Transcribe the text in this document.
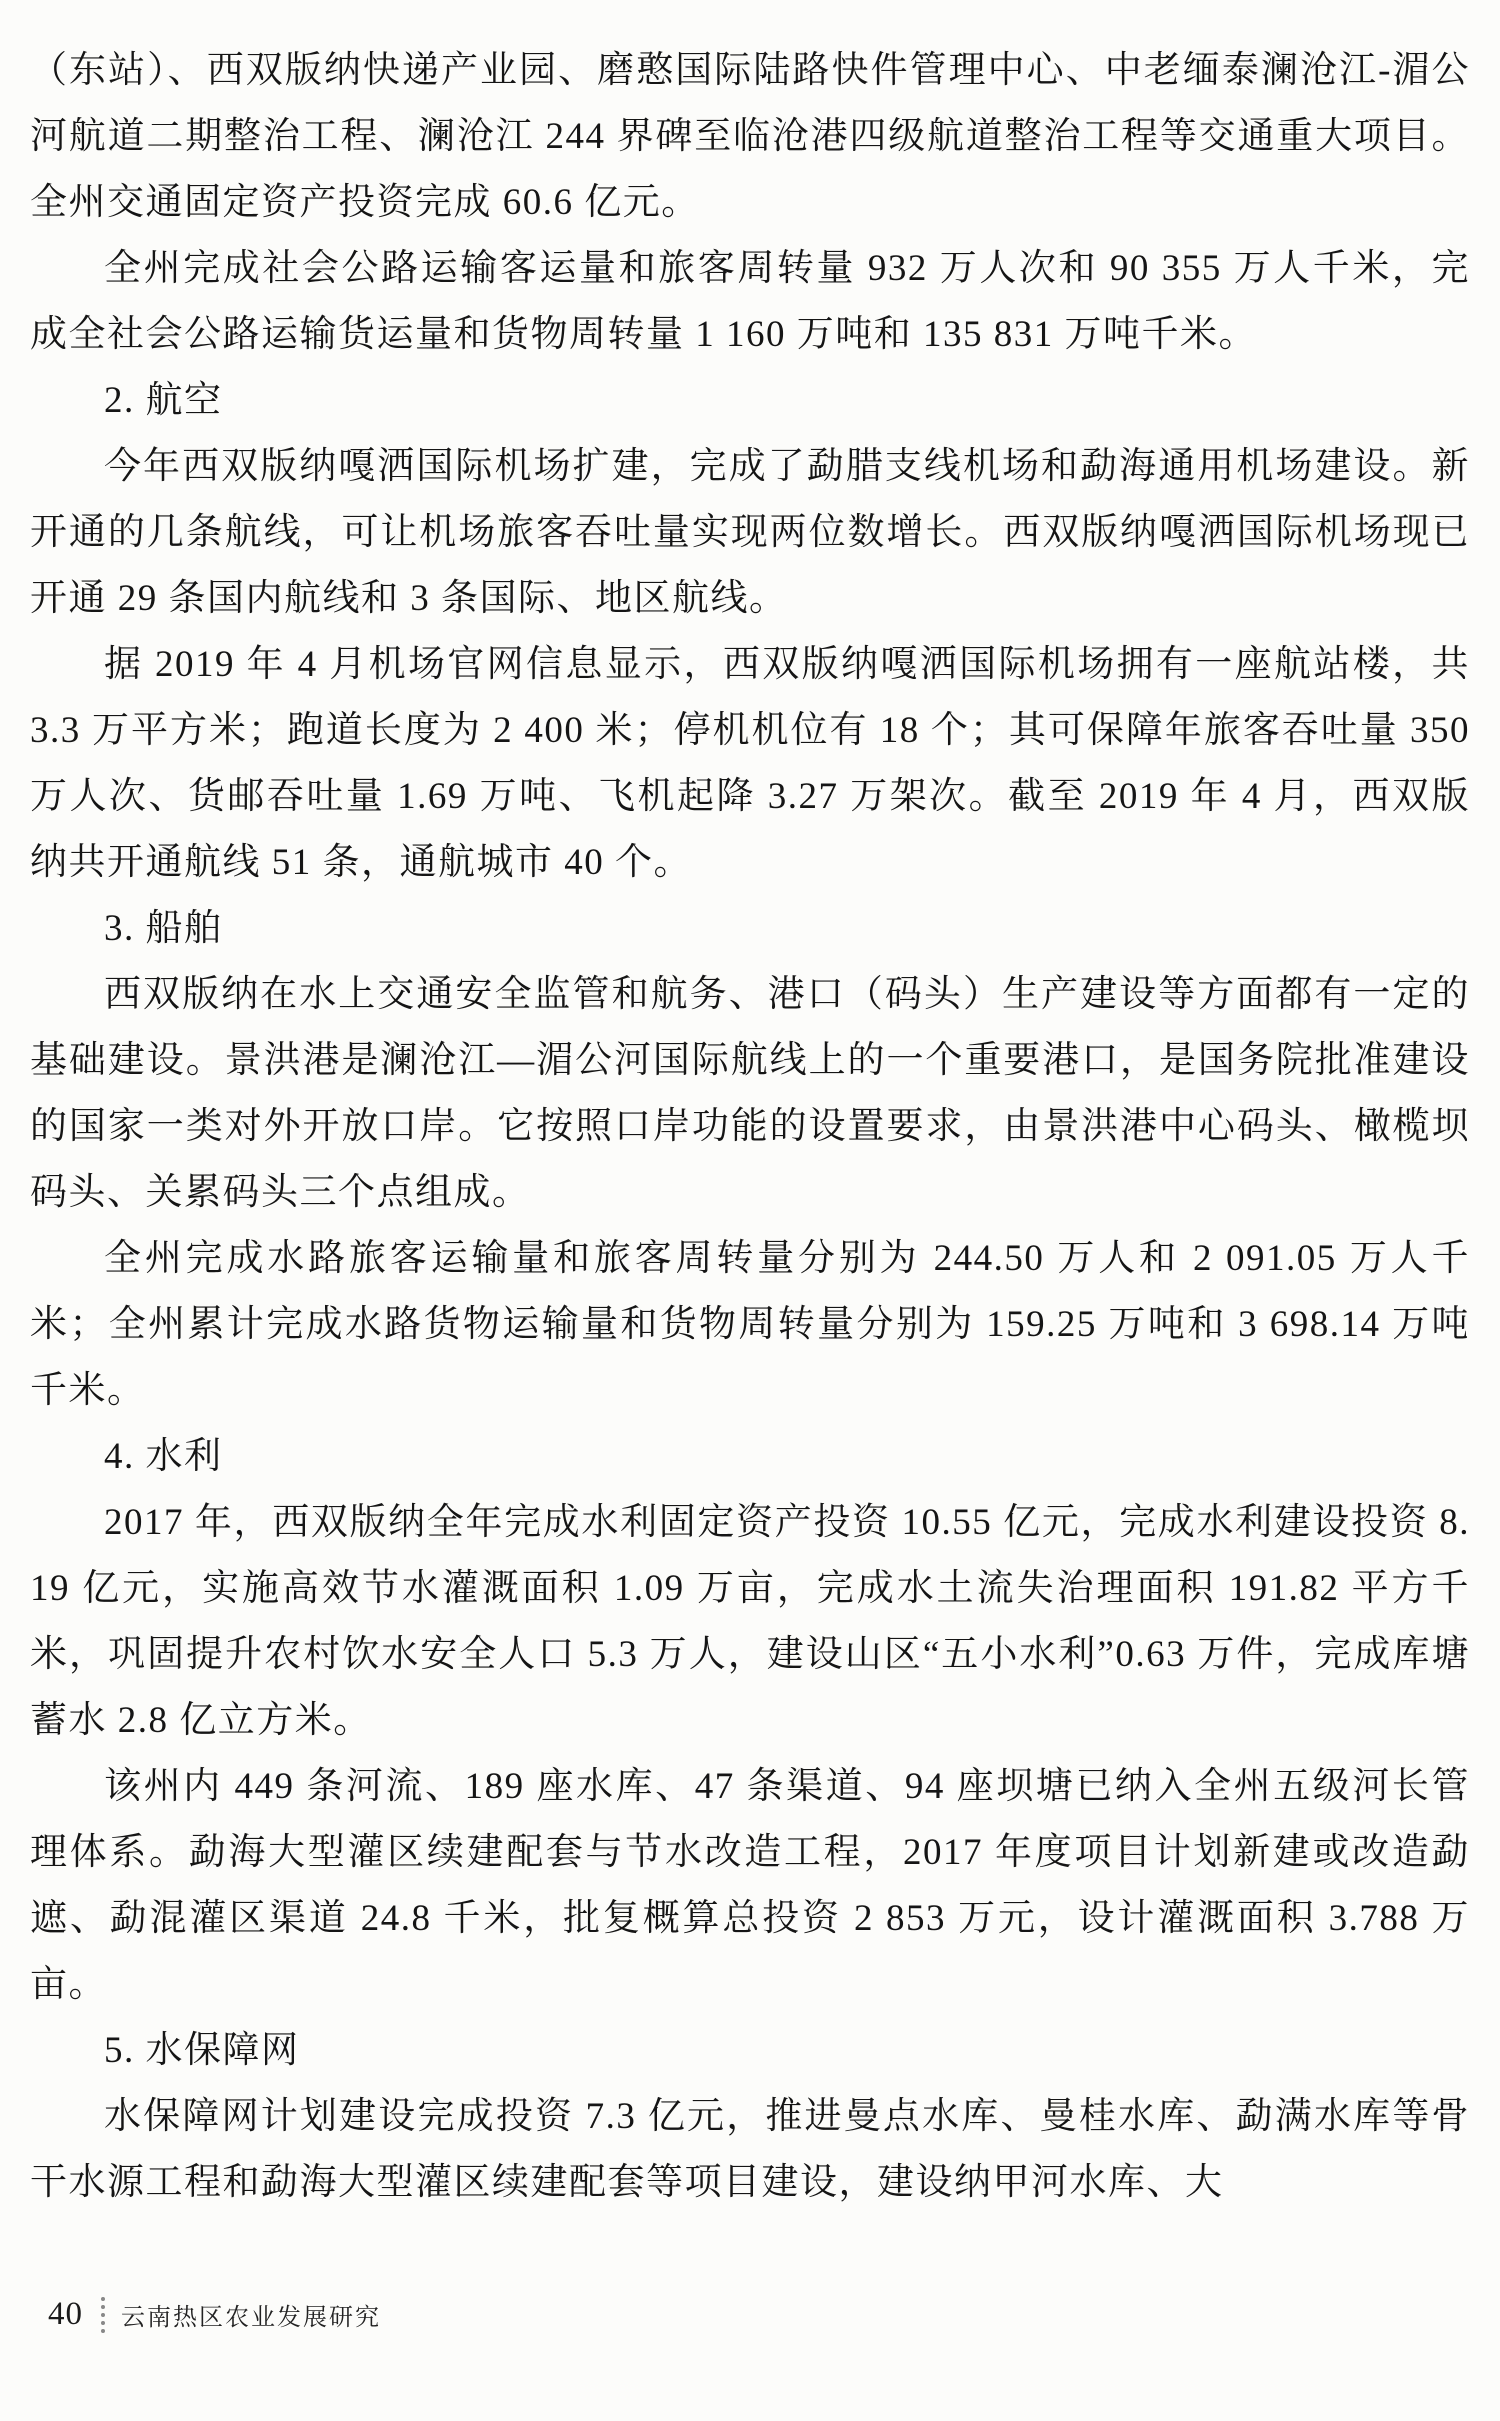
（东站）、西双版纳快递产业园、磨憨国际陆路快件管理中心、中老缅泰澜沧江-湄公河航道二期整治工程、澜沧江 244 界碑至临沧港四级航道整治工程等交通重大项目。全州交通固定资产投资完成 60.6 亿元。

全州完成社会公路运输客运量和旅客周转量 932 万人次和 90 355 万人千米，完成全社会公路运输货运量和货物周转量 1 160 万吨和 135 831 万吨千米。

2. 航空

今年西双版纳嘎洒国际机场扩建，完成了勐腊支线机场和勐海通用机场建设。新开通的几条航线，可让机场旅客吞吐量实现两位数增长。西双版纳嘎洒国际机场现已开通 29 条国内航线和 3 条国际、地区航线。

据 2019 年 4 月机场官网信息显示，西双版纳嘎洒国际机场拥有一座航站楼，共 3.3 万平方米；跑道长度为 2 400 米；停机机位有 18 个；其可保障年旅客吞吐量 350 万人次、货邮吞吐量 1.69 万吨、飞机起降 3.27 万架次。截至 2019 年 4 月，西双版纳共开通航线 51 条，通航城市 40 个。

3. 船舶

西双版纳在水上交通安全监管和航务、港口（码头）生产建设等方面都有一定的基础建设。景洪港是澜沧江—湄公河国际航线上的一个重要港口，是国务院批准建设的国家一类对外开放口岸。它按照口岸功能的设置要求，由景洪港中心码头、橄榄坝码头、关累码头三个点组成。

全州完成水路旅客运输量和旅客周转量分别为 244.50 万人和 2 091.05 万人千米；全州累计完成水路货物运输量和货物周转量分别为 159.25 万吨和 3 698.14 万吨千米。

4. 水利

2017 年，西双版纳全年完成水利固定资产投资 10.55 亿元，完成水利建设投资 8.19 亿元，实施高效节水灌溉面积 1.09 万亩，完成水土流失治理面积 191.82 平方千米，巩固提升农村饮水安全人口 5.3 万人，建设山区“五小水利”0.63 万件，完成库塘蓄水 2.8 亿立方米。

该州内 449 条河流、189 座水库、47 条渠道、94 座坝塘已纳入全州五级河长管理体系。勐海大型灌区续建配套与节水改造工程，2017 年度项目计划新建或改造勐遮、勐混灌区渠道 24.8 千米，批复概算总投资 2 853 万元，设计灌溉面积 3.788 万亩。

5. 水保障网

水保障网计划建设完成投资 7.3 亿元，推进曼点水库、曼桂水库、勐满水库等骨干水源工程和勐海大型灌区续建配套等项目建设，建设纳甲河水库、大

40 云南热区农业发展研究
